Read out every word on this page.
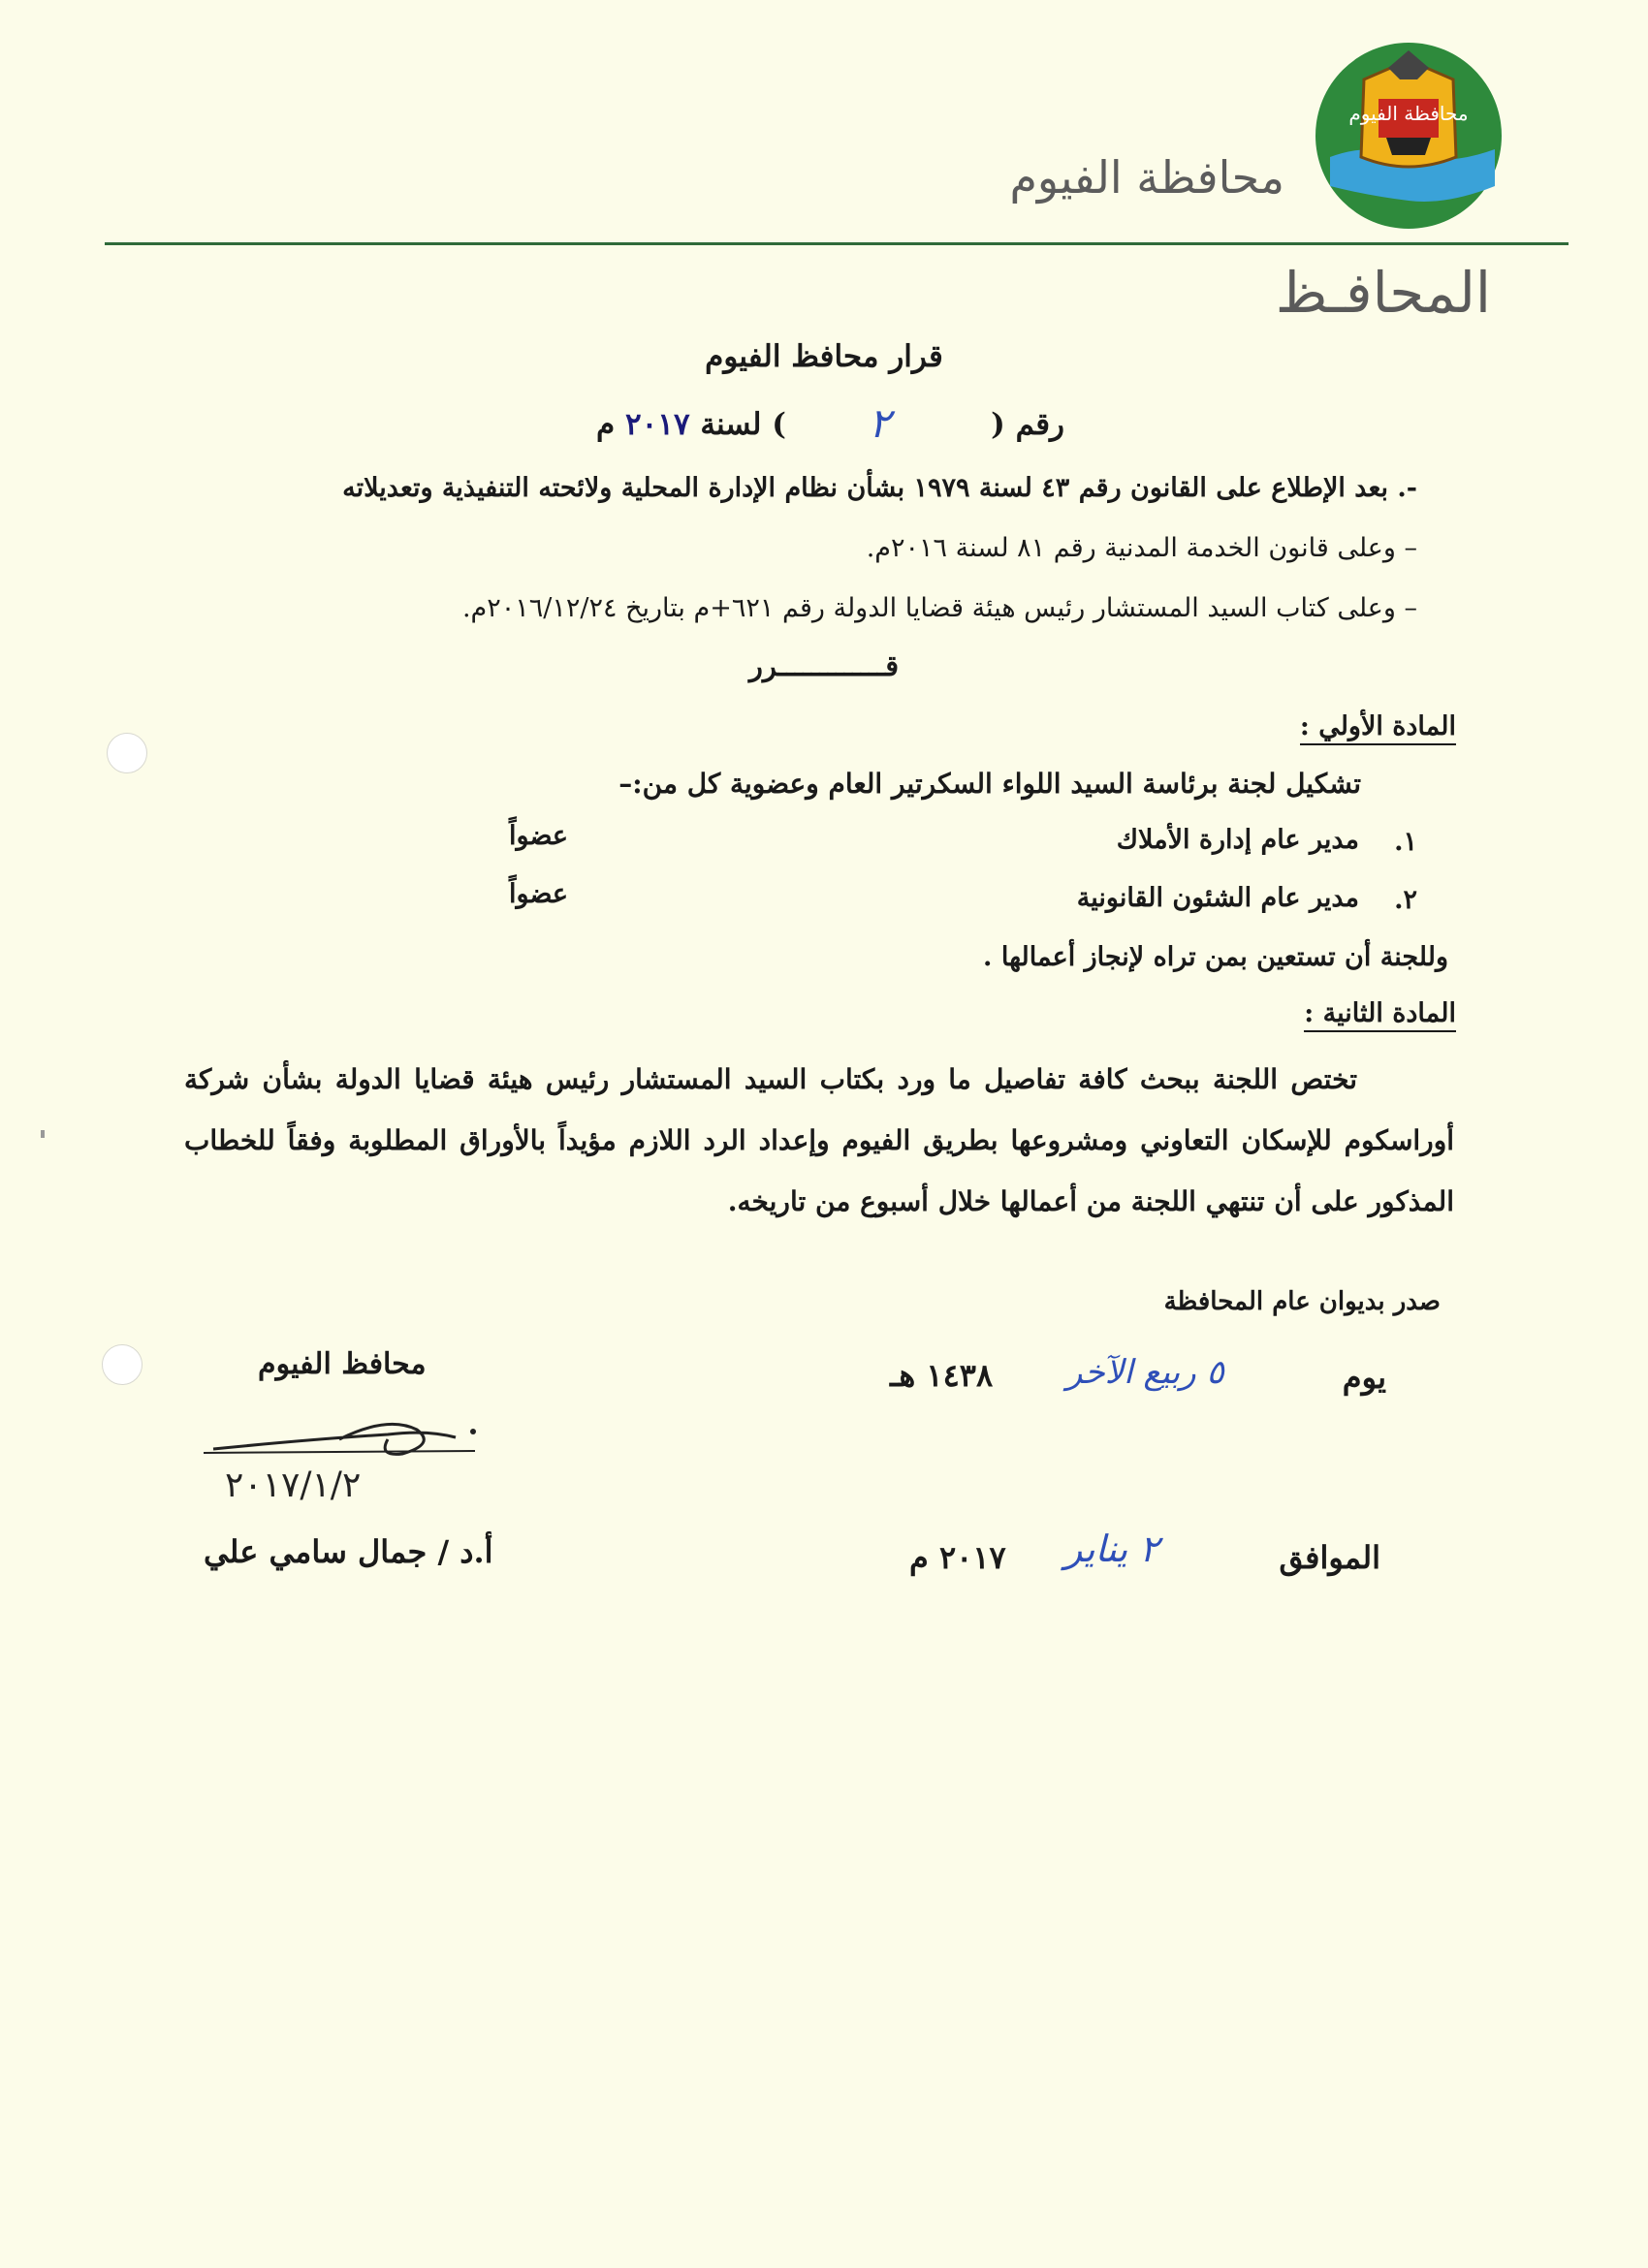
محافظة الفيوم
محافظة الفيوم
المحافـظ
قرار محافظ الفيوم
رقم (
٢
) لسنة ٢٠١٧ م
-. بعد الإطلاع على القانون رقم ٤٣ لسنة ١٩٧٩ بشأن نظام الإدارة المحلية ولائحته التنفيذية وتعديلاته
– وعلى قانون الخدمة المدنية رقم ٨١ لسنة ٢٠١٦م.
– وعلى كتاب السيد المستشار رئيس هيئة قضايا الدولة رقم ٦٢١+م بتاريخ ٢٠١٦/١٢/٢٤م.
قـــــــــــــرر
المادة الأولي :
تشكيل لجنة برئاسة السيد اللواء السكرتير العام وعضوية كل من:–
١.
مدير عام إدارة الأملاك
عضواً
٢.
مدير عام الشئون القانونية
عضواً
وللجنة أن تستعين بمن تراه لإنجاز أعمالها .
المادة الثانية :
تختص اللجنة ببحث كافة تفاصيل ما ورد بكتاب السيد المستشار رئيس هيئة قضايا الدولة بشأن شركة أوراسكوم للإسكان التعاوني ومشروعها بطريق الفيوم وإعداد الرد اللازم مؤيداً بالأوراق المطلوبة وفقاً للخطاب المذكور على أن تنتهي اللجنة من أعمالها خلال أسبوع من تاريخه.
صدر بديوان عام المحافظة
يوم
٥ ربيع الآخر
١٤٣٨ هـ
محافظ الفيوم
٢٠١٧/١/٢
أ.د / جمال سامي علي	الموافق
٢ يناير
٢٠١٧ م
